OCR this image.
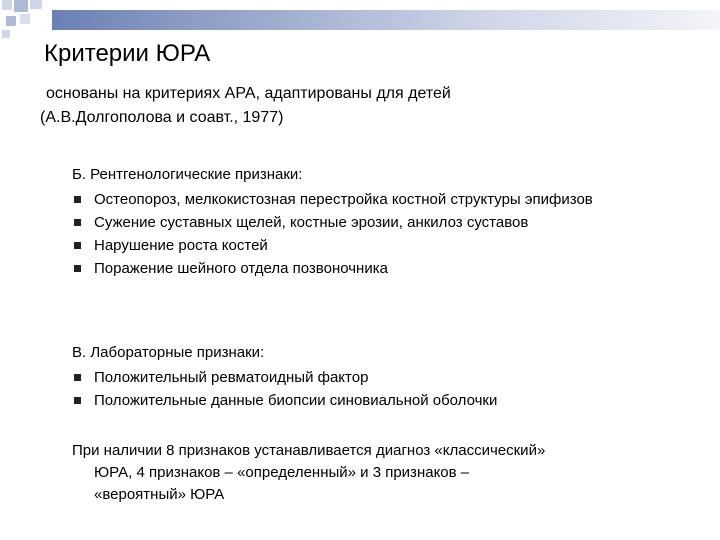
Критерии ЮРА
основаны на критериях АРА, адаптированы для детей
(А.В.Долгополова и соавт., 1977)
Б. Рентгенологические признаки:
Остеопороз, мелкокистозная перестройка костной структуры эпифизов
Сужение суставных щелей, костные эрозии, анкилоз суставов
Нарушение роста костей
Поражение шейного отдела позвоночника
В. Лабораторные признаки:
Положительный ревматоидный фактор
Положительные данные биопсии синовиальной оболочки
При наличии 8 признаков устанавливается диагноз «классический»
ЮРА, 4 признаков – «определенный» и 3 признаков –
«вероятный» ЮРА
